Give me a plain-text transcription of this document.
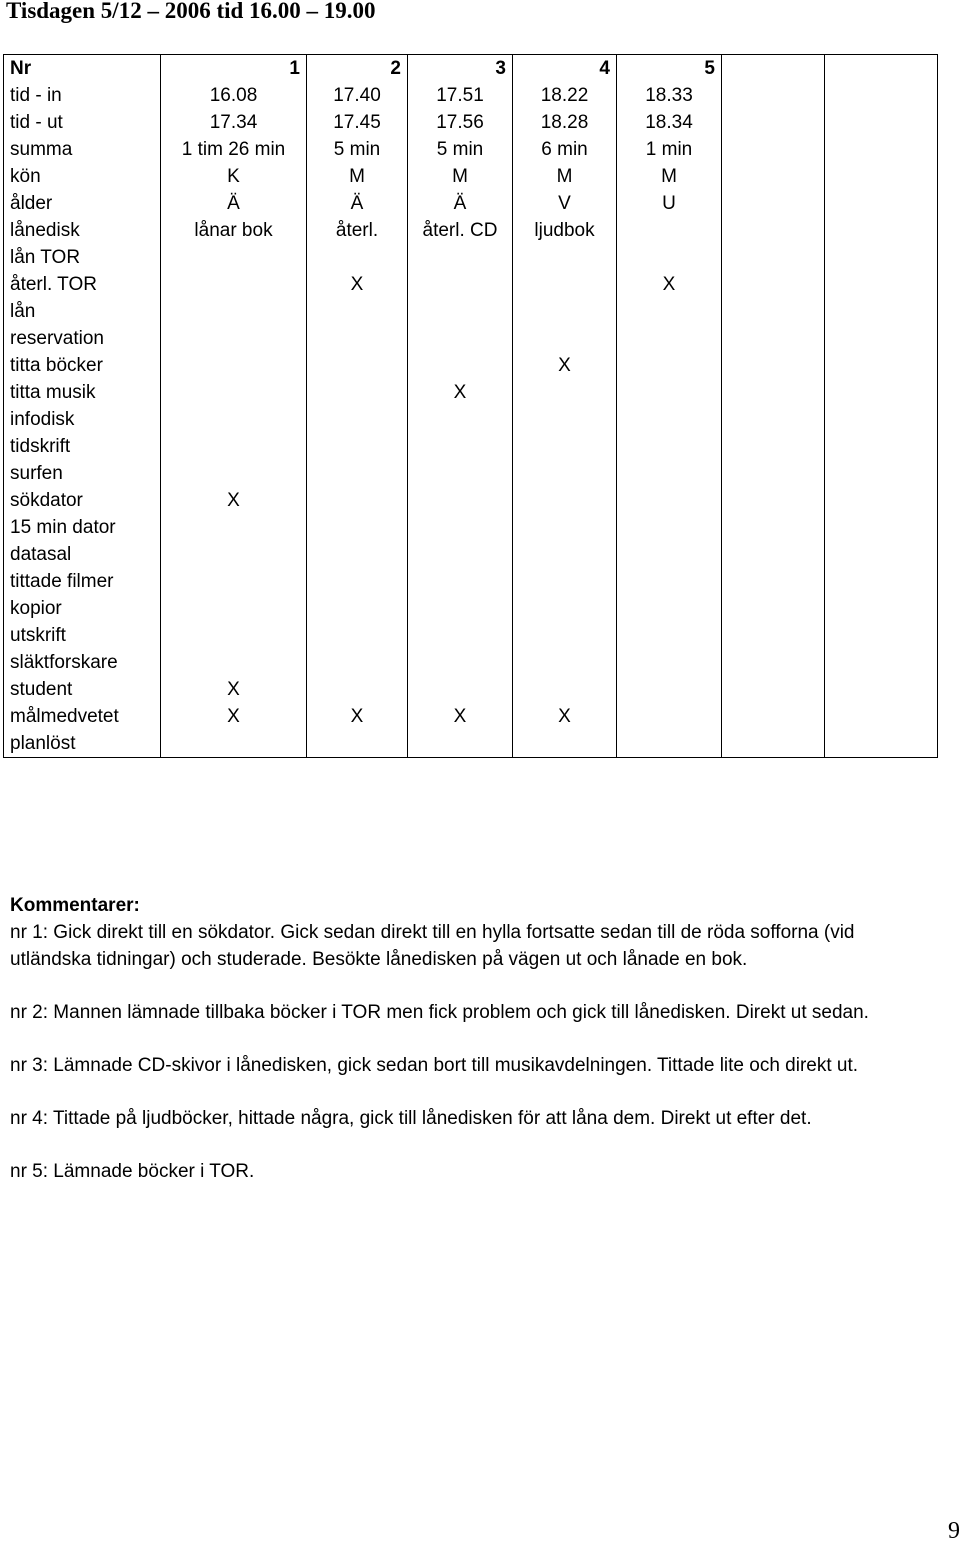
Tisdagen 5/12 – 2006 tid 16.00 – 19.00
Nr	1	2	3	4	5		
tid - in	16.08	17.40	17.51	18.22	18.33		
tid - ut	17.34	17.45	17.56	18.28	18.34		
summa	1 tim 26 min	5 min	5 min	6 min	1 min		
kön	K	M	M	M	M		
ålder	Ä	Ä	Ä	V	U		
lånedisk	lånar bok	återl.	återl. CD	ljudbok			
lån TOR							
återl. TOR		X			X		
lån							
reservation							
titta böcker				X			
titta musik			X				
infodisk							
tidskrift							
surfen							
sökdator	X						
15 min dator							
datasal							
tittade filmer							
kopior							
utskrift							
släktforskare							
student	X						
målmedvetet	X	X	X	X			
planlöst							

Kommentarer:

nr 1: Gick direkt till en sökdator. Gick sedan direkt till en hylla fortsatte sedan till de röda sofforna (vid utländska tidningar) och studerade. Besökte lånedisken på vägen ut och lånade en bok.

nr 2: Mannen lämnade tillbaka böcker i TOR men fick problem och gick till lånedisken. Direkt ut sedan.

nr 3: Lämnade CD-skivor i lånedisken, gick sedan bort till musikavdelningen. Tittade lite och direkt ut.

nr 4: Tittade på ljudböcker, hittade några, gick till lånedisken för att låna dem. Direkt ut efter det.

nr 5: Lämnade böcker i TOR.

9
